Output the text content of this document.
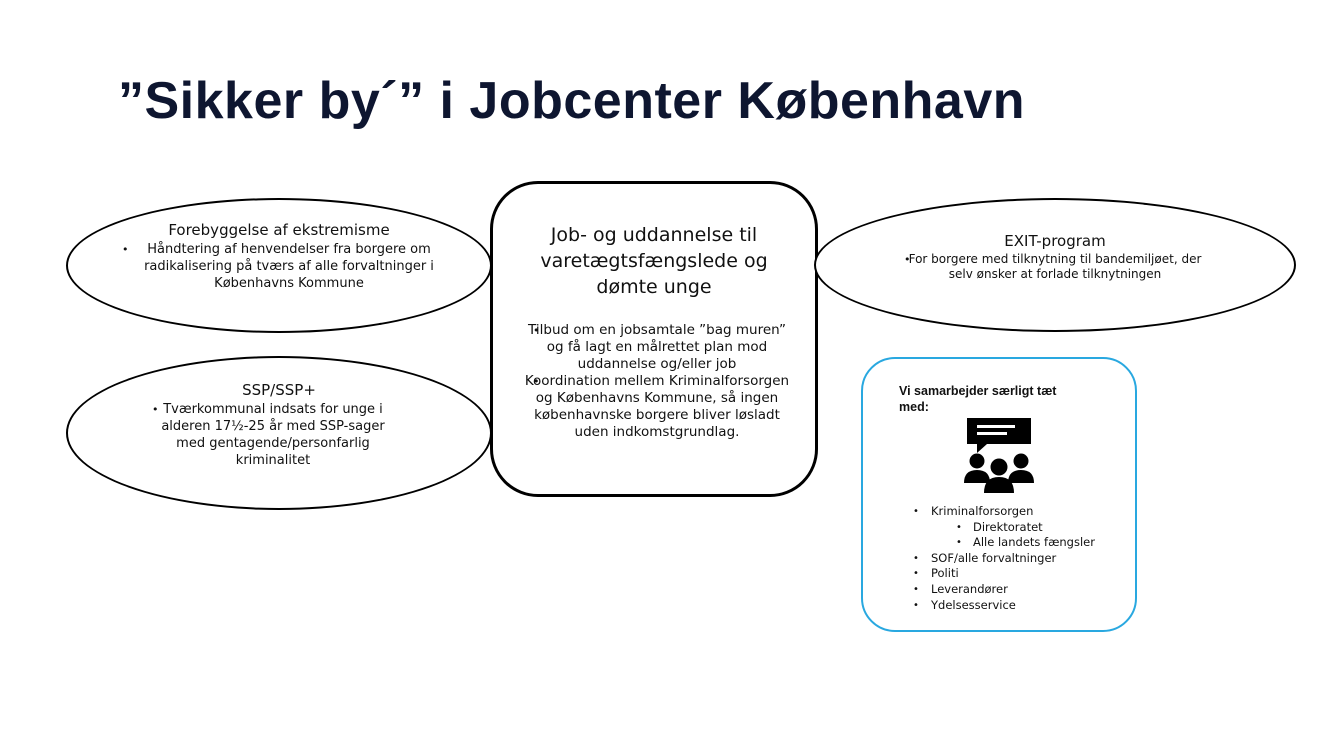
”Sikker by´” i Jobcenter København
Forebyggelse af ekstremisme
• Håndtering af henvendelser fra borgere om radikalisering på tværs af alle forvaltninger i Københavns Kommune
SSP/SSP+
• Tværkommunal indsats for unge i alderen 17½-25 år med SSP-sager med gentagende/personfarlig kriminalitet
Job- og uddannelse til varetægtsfængslede og dømte unge
• Tilbud om en jobsamtale ”bag muren” og få lagt en målrettet plan mod uddannelse og/eller job
• Koordination mellem Kriminalforsorgen og Københavns Kommune, så ingen københavnske borgere bliver løsladt uden indkomstgrundlag.
EXIT-program
• For borgere med tilknytning til bandemiljøet, der selv ønsker at forlade tilknytningen
Vi samarbejder særligt tæt med:
• Kriminalforsorgen
• Direktoratet
• Alle landets fængsler
• SOF/alle forvaltninger
• Politi
• Leverandører
• Ydelsesservice
